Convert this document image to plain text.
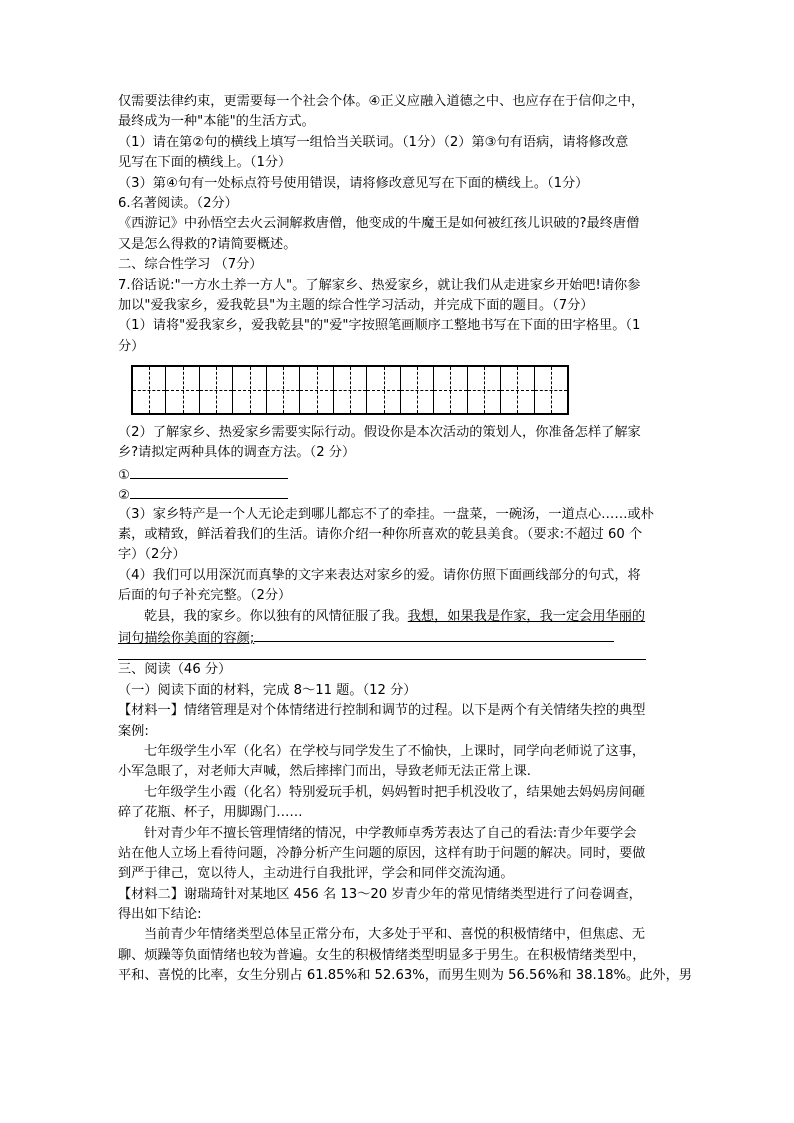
仅需要法律约束，更需要每一个社会个体。④正义应融入道德之中、也应存在于信仰之中，
最终成为一种"本能"的生活方式。
（1）请在第②句的横线上填写一组恰当关联词。（1分）（2）第③句有语病，请将修改意
见写在下面的横线上。（1分）
（3）第④句有一处标点符号使用错误，请将修改意见写在下面的横线上。（1分）
6.名著阅读。（2分）
《西游记》中孙悟空去火云洞解救唐僧，他变成的牛魔王是如何被红孩儿识破的?最终唐僧
又是怎么得救的?请简要概述。
二、综合性学习 （7分）
7.俗话说:"一方水土养一方人"。了解家乡、热爱家乡，就让我们从走进家乡开始吧!请你参
加以"爱我家乡，爱我乾县"为主题的综合性学习活动，并完成下面的题目。（7分）
（1）请将"爱我家乡，爱我乾县"的"爱"字按照笔画顺序工整地书写在下面的田字格里。（1
分）
（2）了解家乡、热爱家乡需要实际行动。假设你是本次活动的策划人，你准备怎样了解家
乡?请拟定两种具体的调查方法。（2 分）
①
②
（3）家乡特产是一个人无论走到哪儿都忘不了的牵挂。一盘菜，一碗汤，一道点心……或朴
素，或精致，鲜活着我们的生活。请你介绍一种你所喜欢的乾县美食。（要求:不超过 60 个
字）（2分）
（4）我们可以用深沉而真挚的文字来表达对家乡的爱。请你仿照下面画线部分的句式，将
后面的句子补充完整。（2分）
乾县，我的家乡。你以独有的风情征服了我。我想，如果我是作家，我一定会用华丽的
词句描绘你美面的容颜;
三、阅读（46 分）
（一）阅读下面的材料，完成 8～11 题。（12 分）
【材料一】情绪管理是对个体情绪进行控制和调节的过程。以下是两个有关情绪失控的典型
案例:
七年级学生小军（化名）在学校与同学发生了不愉快，上课时，同学向老师说了这事，
小军急眼了，对老师大声喊，然后摔摔门而出，导致老师无法正常上课.
七年级学生小霞（化名）特别爱玩手机，妈妈暂时把手机没收了，结果她去妈妈房间砸
碎了花瓶、杯子，用脚踢门……
针对青少年不擅长管理情绪的情况，中学教师卓秀芳表达了自己的看法:青少年要学会
站在他人立场上看待问题，冷静分析产生问题的原因，这样有助于问题的解决。同时，要做
到严于律己，宽以待人，主动进行自我批评，学会和同伴交流沟通。
【材料二】谢瑞琦针对某地区 456 名 13～20 岁青少年的常见情绪类型进行了问卷调查，
得出如下结论:
当前青少年情绪类型总体呈正常分布，大多处于平和、喜悦的积极情绪中，但焦虑、无
聊、烦躁等负面情绪也较为普遍。女生的积极情绪类型明显多于男生。在积极情绪类型中，
平和、喜悦的比率，女生分别占 61.85%和 52.63%，而男生则为 56.56%和 38.18%。此外，男
